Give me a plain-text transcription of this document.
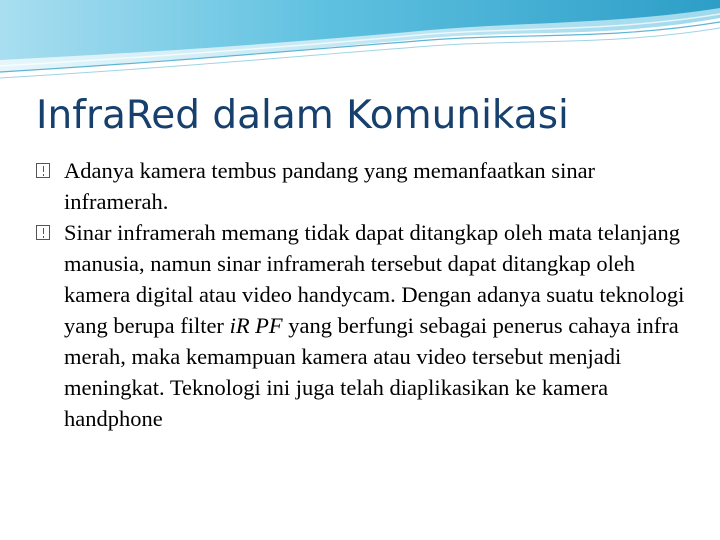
InfraRed dalam Komunikasi
Adanya kamera tembus pandang yang memanfaatkan sinar inframerah.
Sinar inframerah memang tidak dapat ditangkap oleh mata telanjang manusia, namun sinar inframerah tersebut dapat ditangkap oleh kamera digital atau video handycam. Dengan adanya suatu teknologi yang berupa filter iR PF yang berfungi sebagai penerus cahaya infra merah, maka kemampuan kamera atau video tersebut menjadi meningkat. Teknologi ini juga telah diaplikasikan ke kamera handphone
